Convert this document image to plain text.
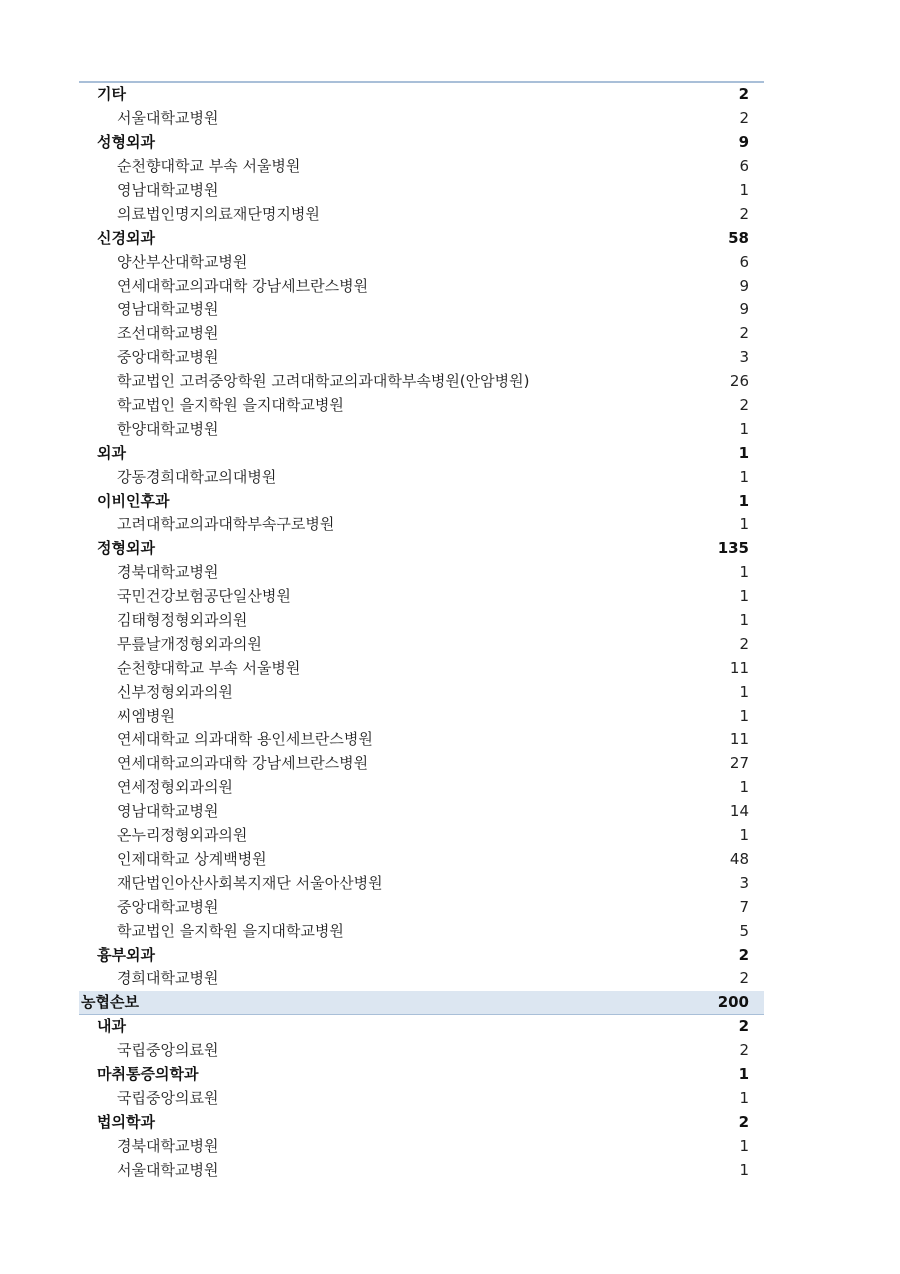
기타	2
서울대학교병원	2
성형외과	9
순천향대학교 부속 서울병원	6
영남대학교병원	1
의료법인명지의료재단명지병원	2
신경외과	58
양산부산대학교병원	6
연세대학교의과대학 강남세브란스병원	9
영남대학교병원	9
조선대학교병원	2
중앙대학교병원	3
학교법인 고려중앙학원 고려대학교의과대학부속병원(안암병원)	26
학교법인 을지학원 을지대학교병원	2
한양대학교병원	1
외과	1
강동경희대학교의대병원	1
이비인후과	1
고려대학교의과대학부속구로병원	1
정형외과	135
경북대학교병원	1
국민건강보험공단일산병원	1
김태형정형외과의원	1
무릎날개정형외과의원	2
순천향대학교 부속 서울병원	11
신부정형외과의원	1
씨엠병원	1
연세대학교 의과대학 용인세브란스병원	11
연세대학교의과대학 강남세브란스병원	27
연세정형외과의원	1
영남대학교병원	14
온누리정형외과의원	1
인제대학교 상계백병원	48
재단법인아산사회복지재단 서울아산병원	3
중앙대학교병원	7
학교법인 을지학원 을지대학교병원	5
흉부외과	2
경희대학교병원	2
농협손보	200
내과	2
국립중앙의료원	2
마취통증의학과	1
국립중앙의료원	1
법의학과	2
경북대학교병원	1
서울대학교병원	1
